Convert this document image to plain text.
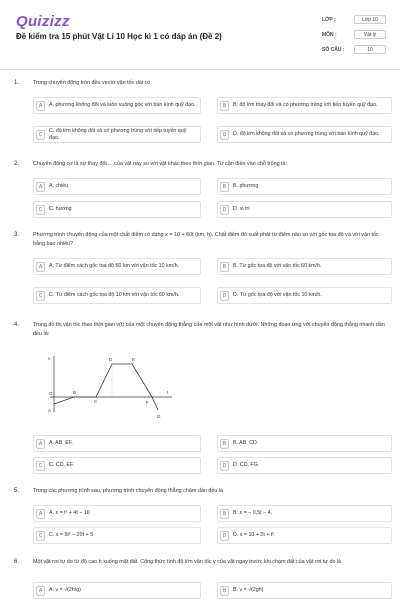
Quizizz
Đề kiểm tra 15 phút Vật Lí 10 Học kì 1 có đáp án (Đề 2)
LỚP :	Lớp 10
MÔN :	Vật lý
SỐ CÂU :	10
1.	Trong chuyển động tròn đều vectơ vận tốc dài có
A	A. phương không đổi và luôn vuông góc với bán kính quỹ đạo.	B	B. độ lớn thay đổi và có phương trùng với tiếp tuyến quỹ đạo.
C
C. độ lớn không đổi và có phương trùng với tiếp tuyến quỹ đạo.	D	D. độ lớn không đổi và có phương trùng với bán kính quỹ đạo.
2.	Chuyển động cơ là sự thay đổi ... của vật này so với vật khác theo thời gian. Từ cần điền vào chỗ trống là:
A	A. chiều	B	B. phương
C	C. hướng	D	D. vị trí
3.	Phương trình chuyển động của một chất điểm có dạng x = 10 + 60t (km, h). Chất điểm đó xuất phát từ điểm nào so với gốc tọa độ và với vận tốc bằng bao nhiêu?
A	A. Từ điểm cách gốc tọa độ 60 km với vận tốc 10 km/h.	B	B. Từ gốc tọa độ với vận tốc 60 km/h.
C	C. Từ điểm cách gốc tọa độ 10 km với vận tốc 60 km/h.	D	D. Từ gốc tọa độ với vận tốc 10 km/h.
4.	Trong đồ thị vận tốc theo thời gian v(t) của một chuyển động thẳng của một vật như hình dưới. Những đoạn ứng với chuyển động thẳng nhanh dần đều là:
v
t
O
A
B
C
D	E
F
G
A	A. AB, EF.	B	B. AB, CD.
C	C. CD, EF.	D	D. CD, FG.
5.	Trong các phương trình sau, phương trình chuyển động thẳng chậm dần đều là
A	A. x = t² + 4t − 10	B	B. x = − 0,5t − 4.
C	C. x = 5t² − 20t + 5	D	D. x = 10 + 2t + t².
6.	Một vật rơi tự do từ độ cao h xuống mặt đất. Công thức tính độ lớn vận tốc v của vật ngay trước khi chạm đất của vật rơi tự do là
A	A. v = √(2h/g)	B	B. v = √(2gh)
